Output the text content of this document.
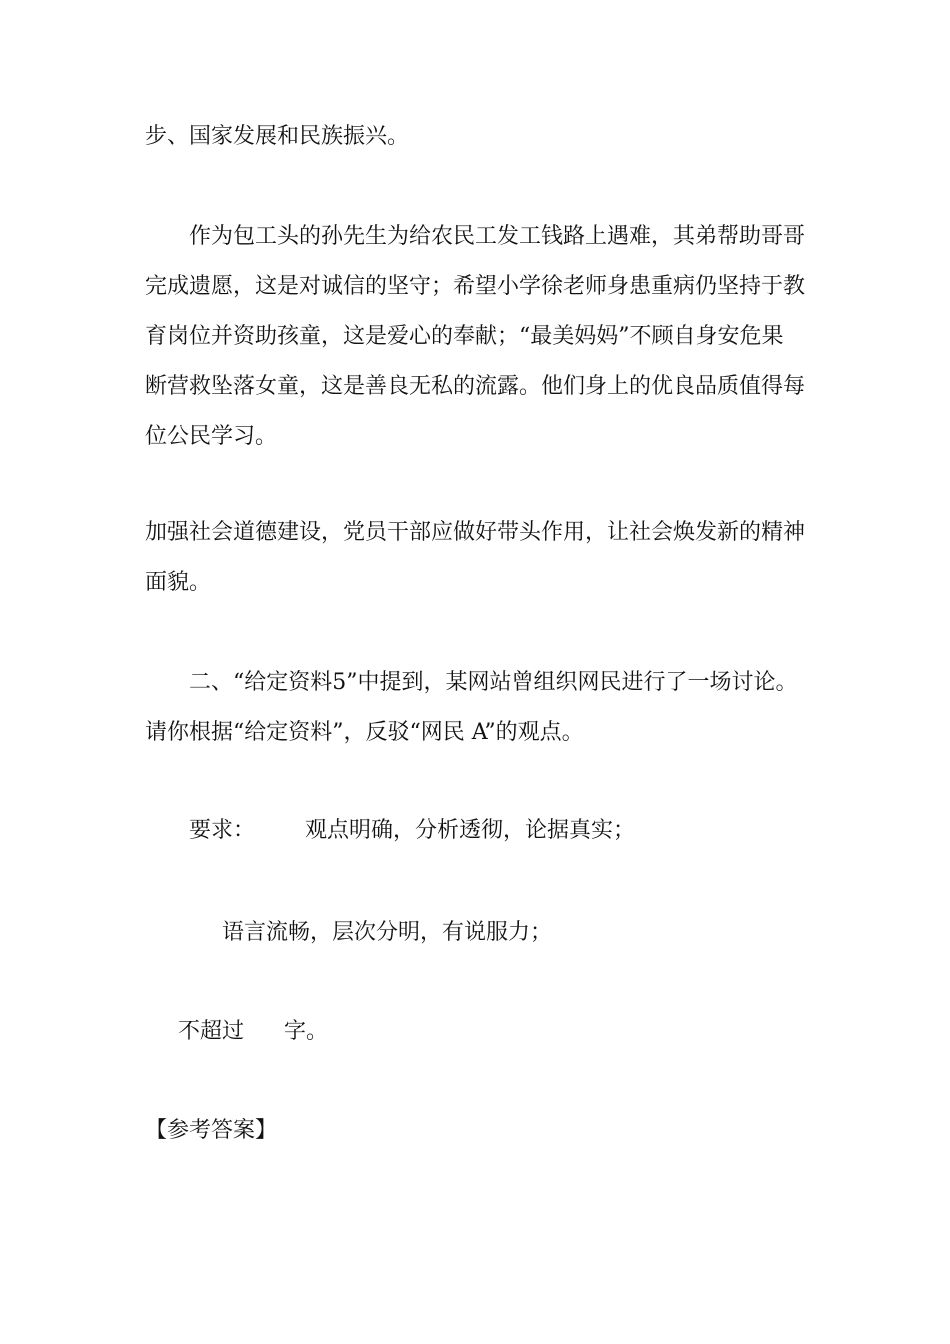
步、国家发展和民族振兴。

作为包工头的孙先生为给农民工发工钱路上遇难，其弟帮助哥哥
完成遗愿，这是对诚信的坚守；希望小学徐老师身患重病仍坚持于教
育岗位并资助孩童，这是爱心的奉献；“最美妈妈”不顾自身安危果
断营救坠落女童，这是善良无私的流露。他们身上的优良品质值得每
位公民学习。

加强社会道德建设，党员干部应做好带头作用，让社会焕发新的精神
面貌。

二、“给定资料5”中提到，某网站曾组织网民进行了一场讨论。
请你根据“给定资料”，反驳“网民 A”的观点。

要求： 观点明确，分析透彻，论据真实；

语言流畅，层次分明，有说服力；

不超过 字。

【参考答案】
